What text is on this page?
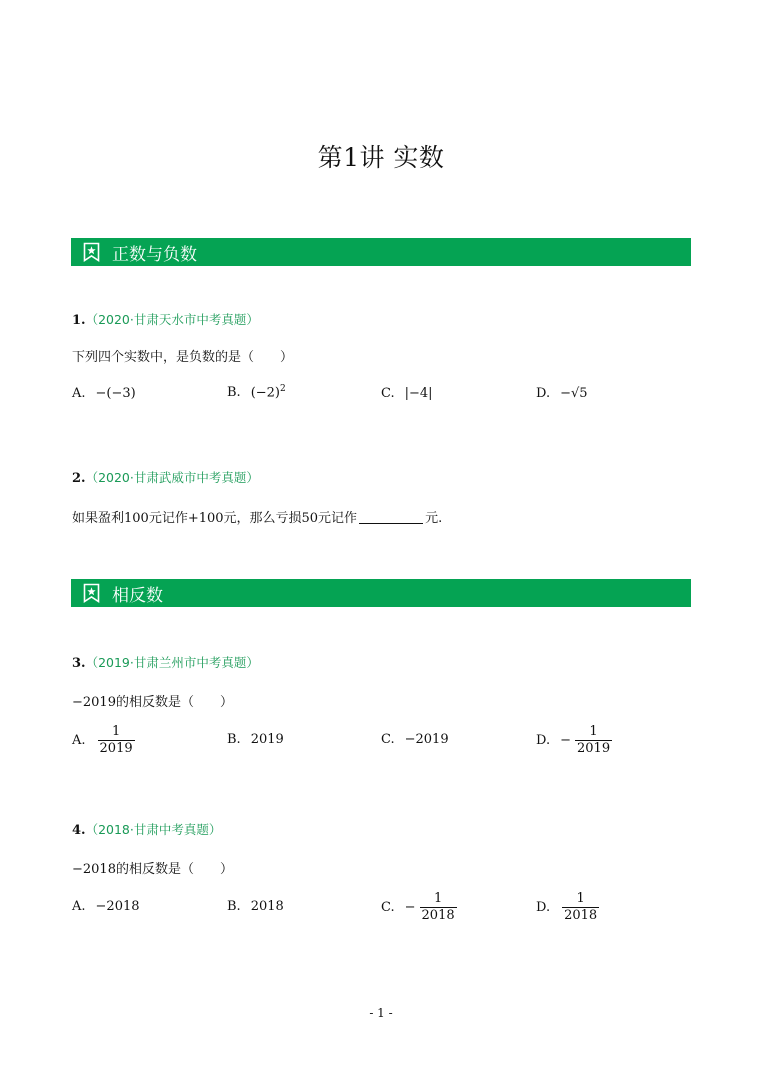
第1讲 实数
正数与负数
1.（2020·甘肃天水市中考真题）
下列四个实数中，是负数的是（　　）
A. −(−3)	B. $(-2)^2$	C. |−4|	D. −√5
2.（2020·甘肃武威市中考真题）
如果盈利100元记作+100元，那么亏损50元记作	元.
相反数
3.（2019·甘肃兰州市中考真题）
−2019的相反数是（　　）
A. $\frac{1}{2019}$	B. 2019	C. −2019	D. − $\frac{1}{2019}$
4.（2018·甘肃中考真题）
−2018的相反数是（　　）
A. −2018	B. 2018	C. − $\frac{1}{2018}$	D. $\frac{1}{2018}$
- 1 -
